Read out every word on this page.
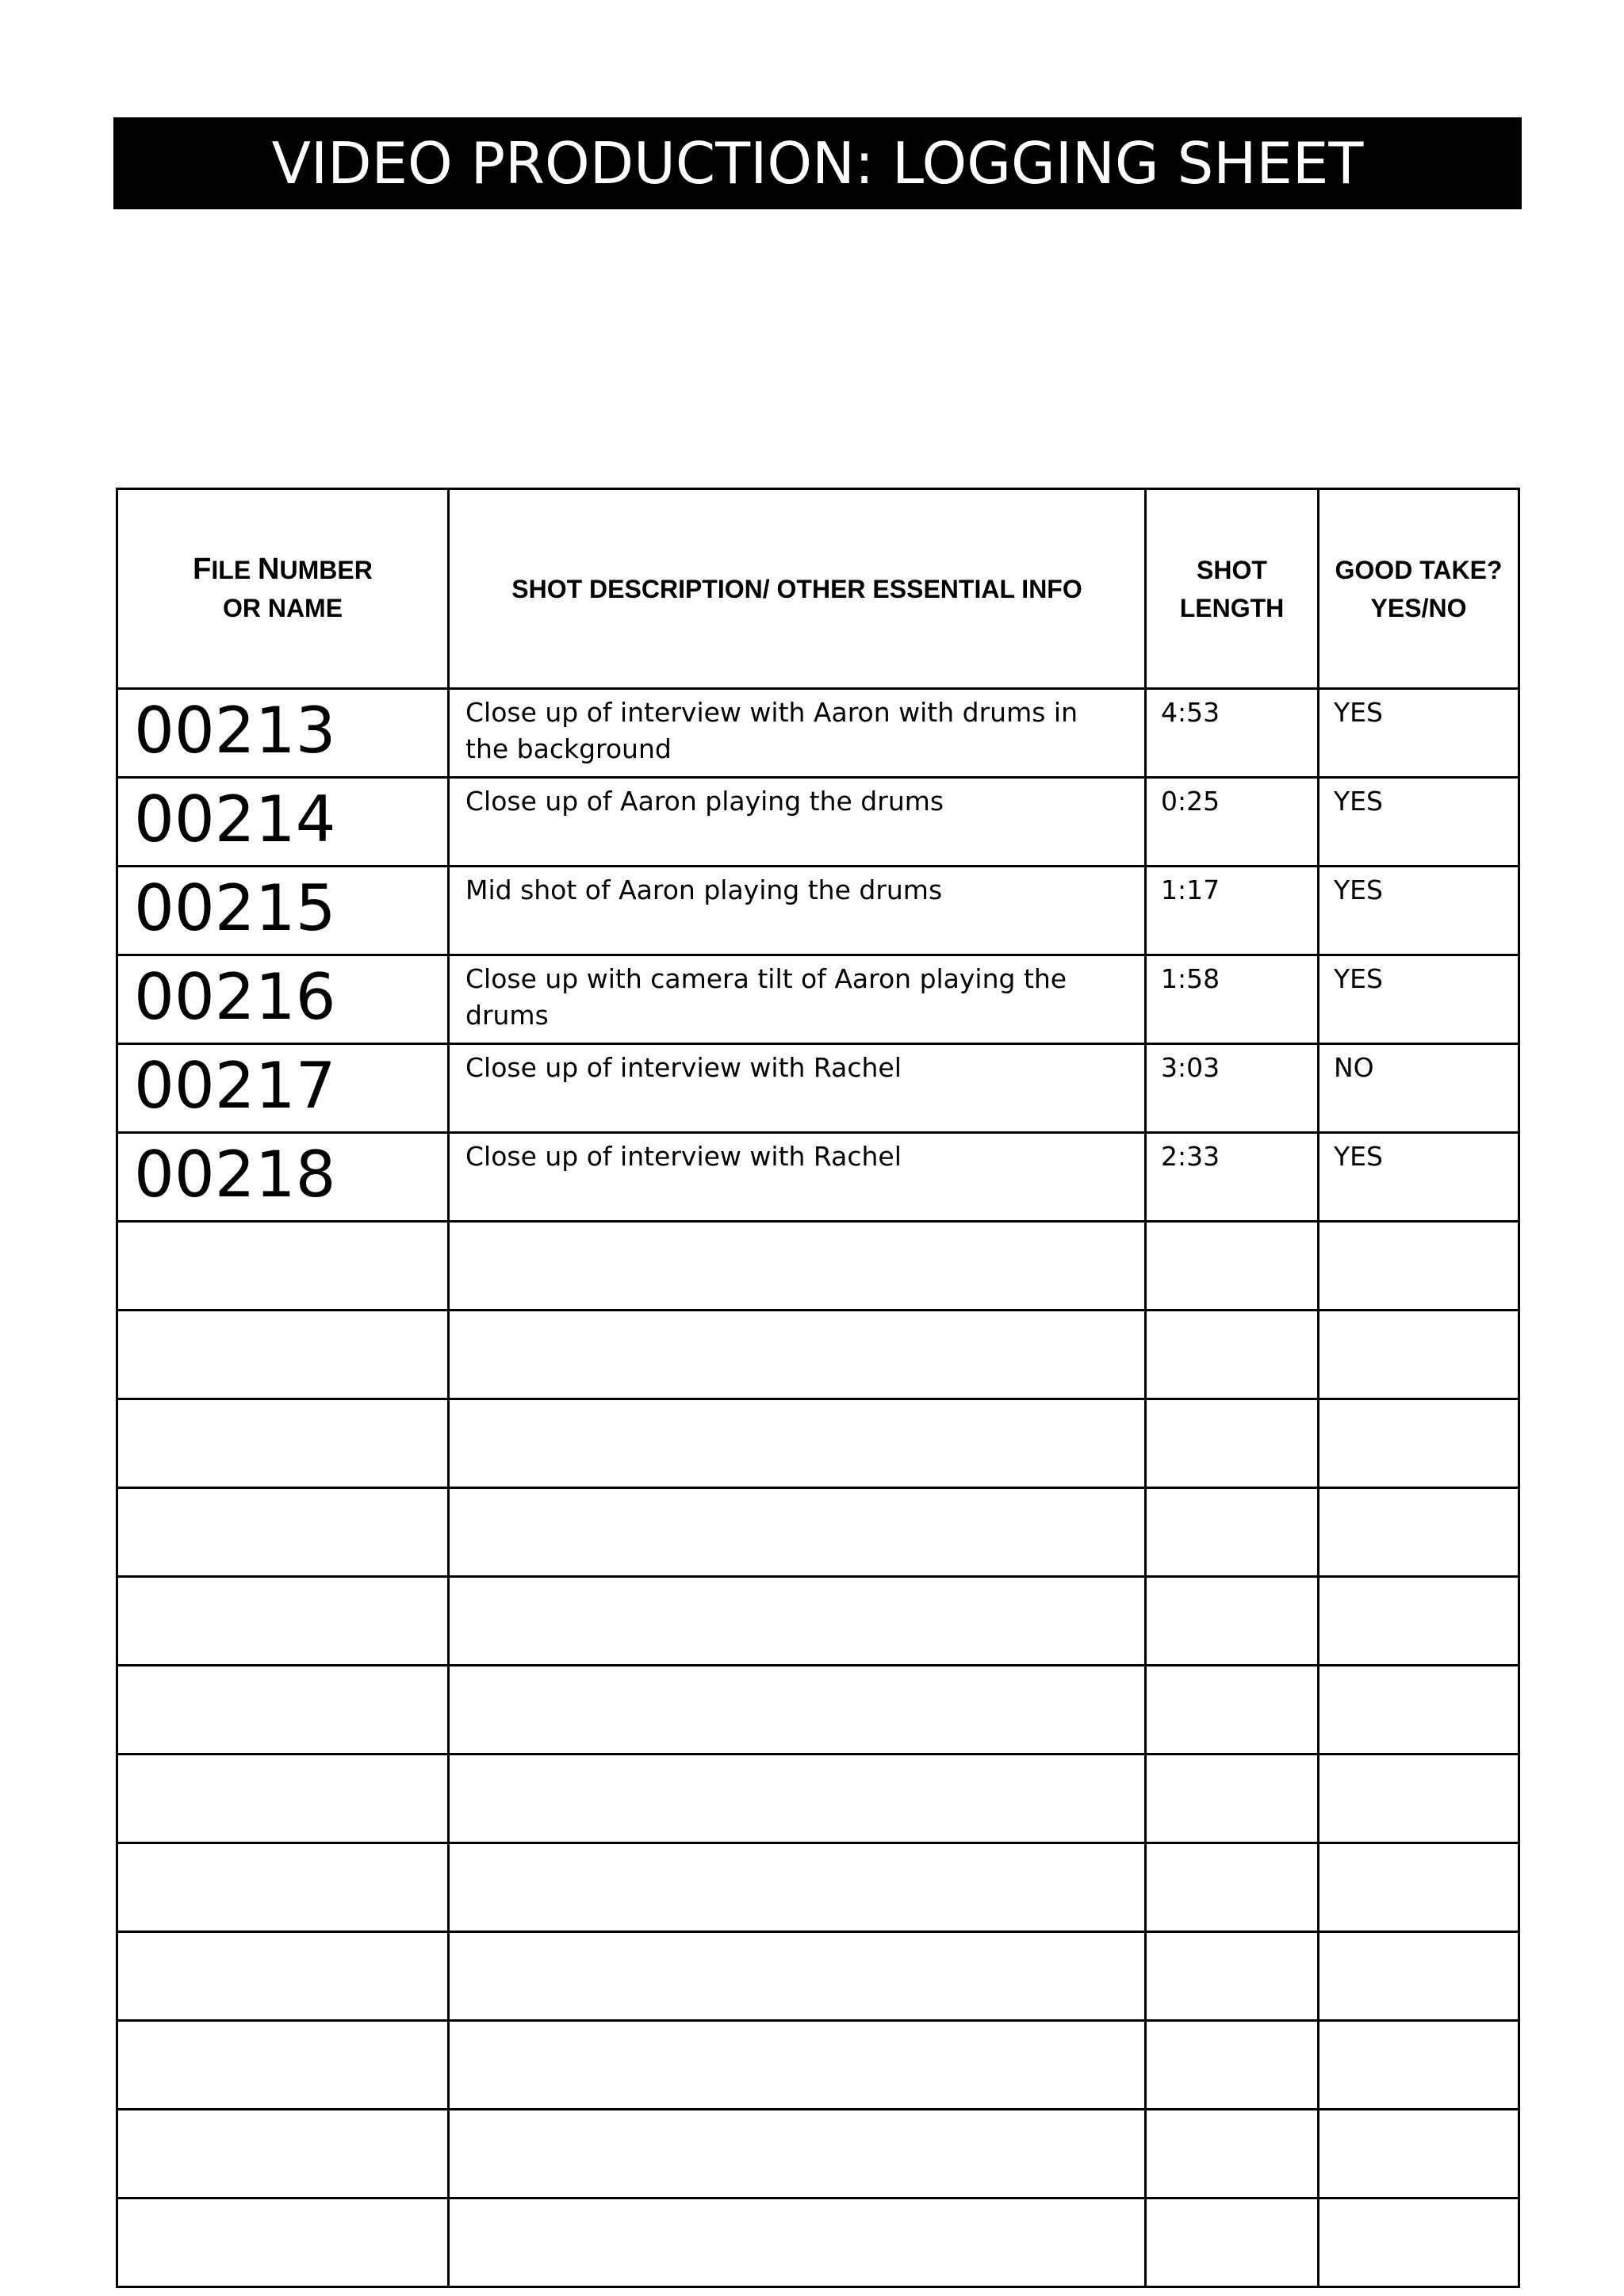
VIDEO PRODUCTION: LOGGING SHEET
FILE NUMBER
OR NAME	SHOT DESCRIPTION/ OTHER ESSENTIAL INFO	SHOT LENGTH	GOOD TAKE? YES/NO
00213	Close up of interview with Aaron with drums in the background	4:53	YES
00214	Close up of Aaron playing the drums	0:25	YES
00215	Mid shot of Aaron playing the drums	1:17	YES
00216	Close up with camera tilt of Aaron playing the drums	1:58	YES
00217	Close up of interview with Rachel	3:03	NO
00218	Close up of interview with Rachel	2:33	YES
